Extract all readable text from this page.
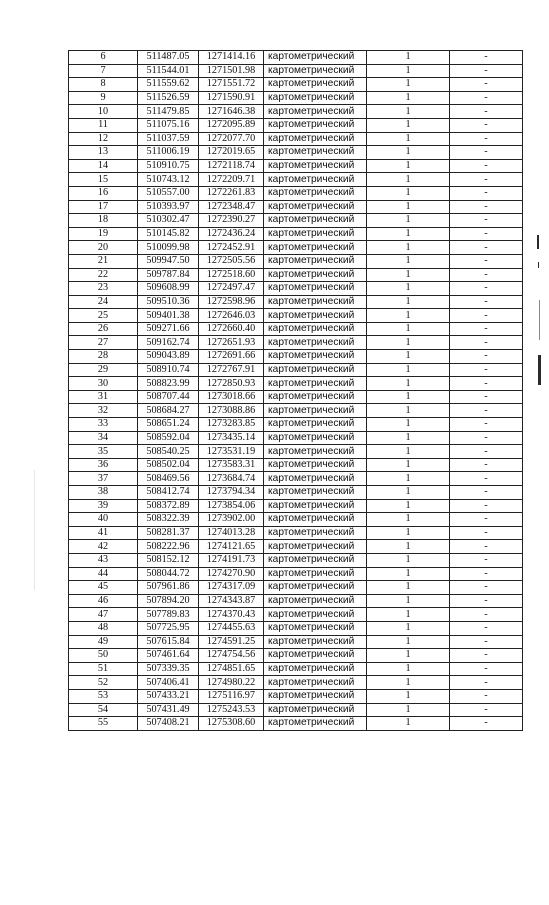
6	511487.05	1271414.16	картометрический	1	-
7	511544.01	1271501.98	картометрический	1	-
8	511559.62	1271551.72	картометрический	1	-
9	511526.59	1271590.91	картометрический	1	-
10	511479.85	1271646.38	картометрический	1	-
11	511075.16	1272095.89	картометрический	1	-
12	511037.59	1272077.70	картометрический	1	-
13	511006.19	1272019.65	картометрический	1	-
14	510910.75	1272118.74	картометрический	1	-
15	510743.12	1272209.71	картометрический	1	-
16	510557.00	1272261.83	картометрический	1	-
17	510393.97	1272348.47	картометрический	1	-
18	510302.47	1272390.27	картометрический	1	-
19	510145.82	1272436.24	картометрический	1	-
20	510099.98	1272452.91	картометрический	1	-
21	509947.50	1272505.56	картометрический	1	-
22	509787.84	1272518.60	картометрический	1	-
23	509608.99	1272497.47	картометрический	1	-
24	509510.36	1272598.96	картометрический	1	-
25	509401.38	1272646.03	картометрический	1	-
26	509271.66	1272660.40	картометрический	1	-
27	509162.74	1272651.93	картометрический	1	-
28	509043.89	1272691.66	картометрический	1	-
29	508910.74	1272767.91	картометрический	1	-
30	508823.99	1272850.93	картометрический	1	-
31	508707.44	1273018.66	картометрический	1	-
32	508684.27	1273088.86	картометрический	1	-
33	508651.24	1273283.85	картометрический	1	-
34	508592.04	1273435.14	картометрический	1	-
35	508540.25	1273531.19	картометрический	1	-
36	508502.04	1273583.31	картометрический	1	-
37	508469.56	1273684.74	картометрический	1	-
38	508412.74	1273794.34	картометрический	1	-
39	508372.89	1273854.06	картометрический	1	-
40	508322.39	1273902.00	картометрический	1	-
41	508281.37	1274013.28	картометрический	1	-
42	508222.96	1274121.65	картометрический	1	-
43	508152.12	1274191.73	картометрический	1	-
44	508044.72	1274270.90	картометрический	1	-
45	507961.86	1274317.09	картометрический	1	-
46	507894.20	1274343.87	картометрический	1	-
47	507789.83	1274370.43	картометрический	1	-
48	507725.95	1274455.63	картометрический	1	-
49	507615.84	1274591.25	картометрический	1	-
50	507461.64	1274754.56	картометрический	1	-
51	507339.35	1274851.65	картометрический	1	-
52	507406.41	1274980.22	картометрический	1	-
53	507433.21	1275116.97	картометрический	1	-
54	507431.49	1275243.53	картометрический	1	-
55	507408.21	1275308.60	картометрический	1	-
